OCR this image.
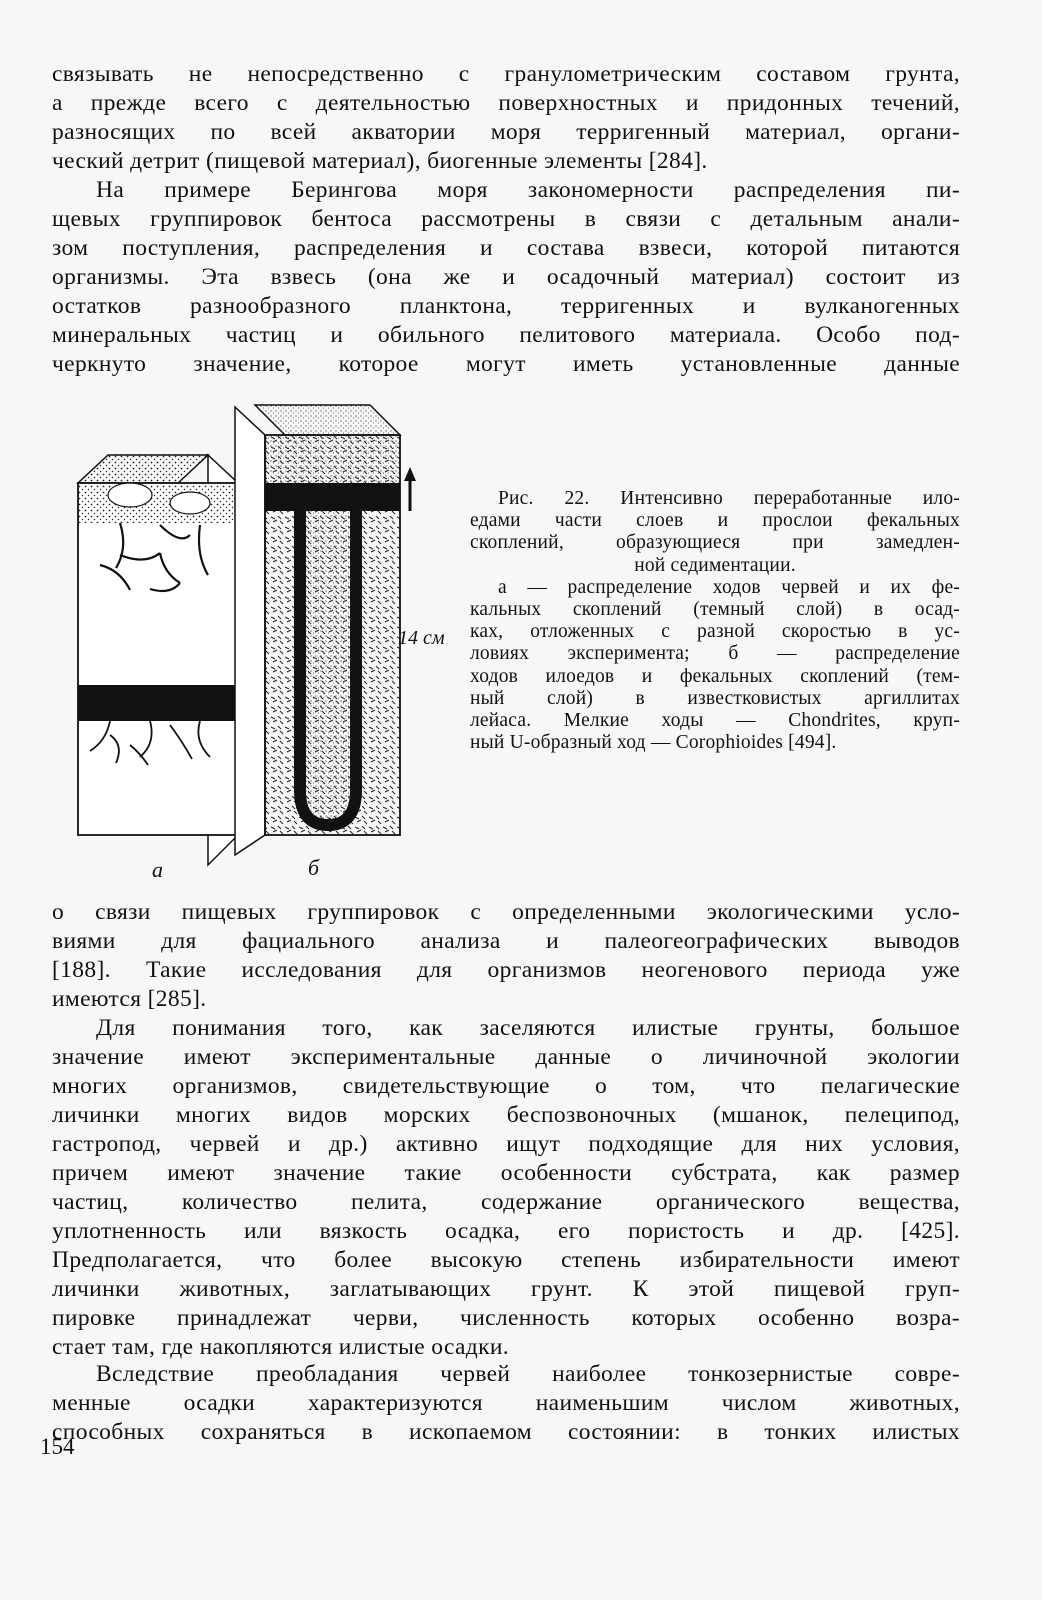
связывать не непосредственно с гранулометрическим составом грунта,
а прежде всего с деятельностью поверхностных и придонных течений,
разносящих по всей акватории моря терригенный материал, органи-
ческий детрит (пищевой материал), биогенные элементы [284].
На примере Берингова моря закономерности распределения пи-
щевых группировок бентоса рассмотрены в связи с детальным анали-
зом поступления, распределения и состава взвеси, которой питаются
организмы. Эта взвесь (она же и осадочный материал) состоит из
остатков разнообразного планктона, терригенных и вулканогенных
минеральных частиц и обильного пелитового материала. Особо под-
черкнуто значение, которое могут иметь установленные данные
14 см
а	б
Рис. 22. Интенсивно переработанные ило-
едами части слоев и прослои фекальных
скоплений, образующиеся при замедлен-
ной седиментации.
а — распределение ходов червей и их фе-
кальных скоплений (темный слой) в осад-
ках, отложенных с разной скоростью в ус-
ловиях эксперимента; б — распределение
ходов илоедов и фекальных скоплений (тем-
ный слой) в известковистых аргиллитах
лейаса. Мелкие ходы — Chondrites, круп-
ный U-образный ход — Corophioides [494].
о связи пищевых группировок с определенными экологическими усло-
виями для фациального анализа и палеогеографических выводов
[188]. Такие исследования для организмов неогенового периода уже
имеются [285].
Для понимания того, как заселяются илистые грунты, большое
значение имеют экспериментальные данные о личиночной экологии
многих организмов, свидетельствующие о том, что пелагические
личинки многих видов морских беспозвоночных (мшанок, пелеципод,
гастропод, червей и др.) активно ищут подходящие для них условия,
причем имеют значение такие особенности субстрата, как размер
частиц, количество пелита, содержание органического вещества,
уплотненность или вязкость осадка, его пористость и др. [425].
Предполагается, что более высокую степень избирательности имеют
личинки животных, заглатывающих грунт. К этой пищевой груп-
пировке принадлежат черви, численность которых особенно возра-
стает там, где накопляются илистые осадки.
Вследствие преобладания червей наиболее тонкозернистые совре-
менные осадки характеризуются наименьшим числом животных,
способных сохраняться в ископаемом состоянии: в тонких илистых
154
